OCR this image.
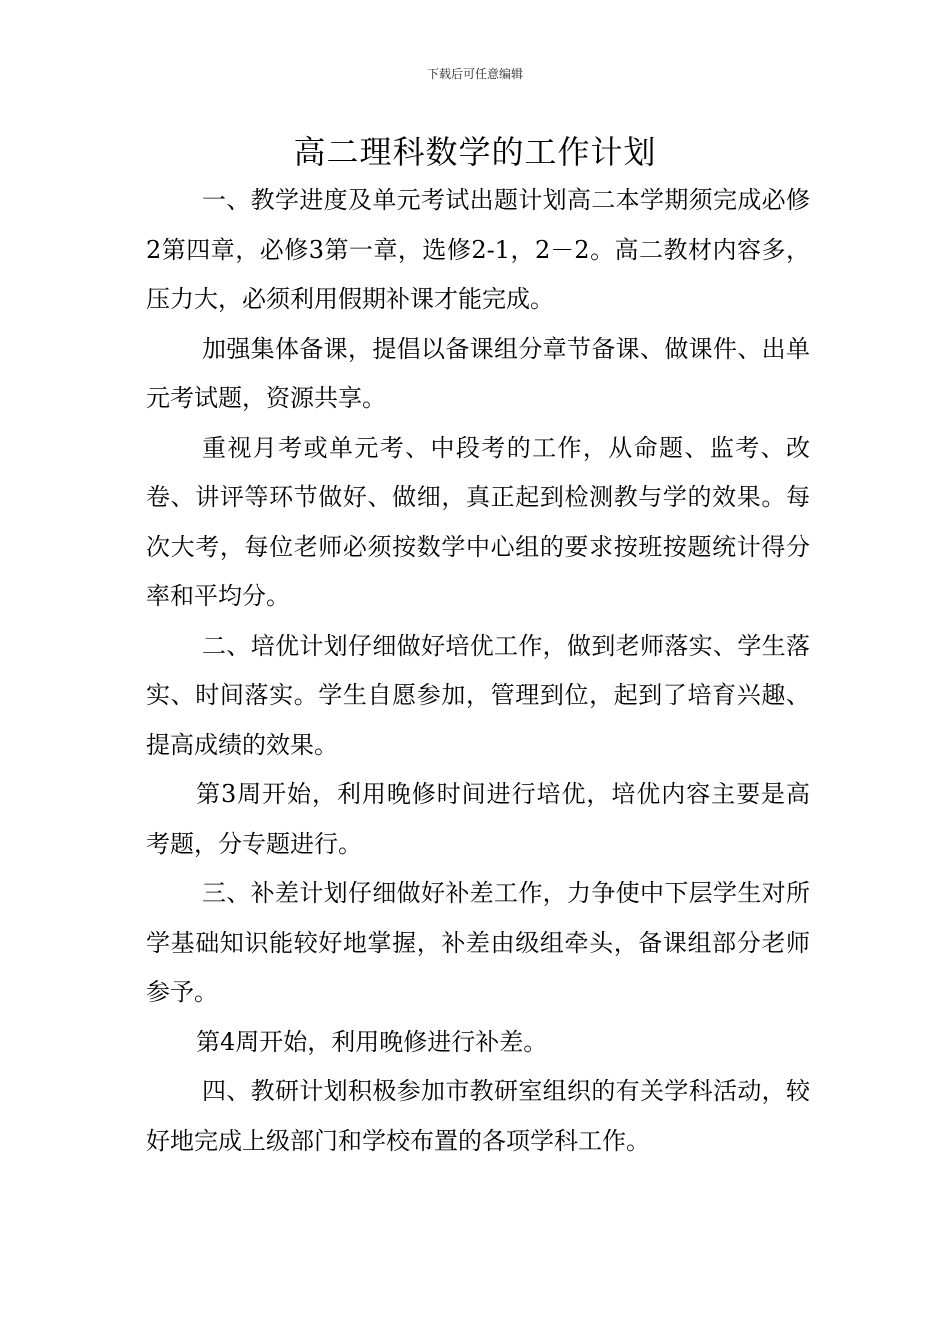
下载后可任意编辑
高二理科数学的工作计划

一、教学进度及单元考试出题计划高二本学期须完成必修2第四章，必修3第一章，选修2-1，2－2。高二教材内容多，压力大，必须利用假期补课才能完成。

加强集体备课，提倡以备课组分章节备课、做课件、出单元考试题，资源共享。

重视月考或单元考、中段考的工作，从命题、监考、改卷、讲评等环节做好、做细，真正起到检测教与学的效果。每次大考，每位老师必须按数学中心组的要求按班按题统计得分率和平均分。

二、培优计划仔细做好培优工作，做到老师落实、学生落实、时间落实。学生自愿参加，管理到位，起到了培育兴趣、提高成绩的效果。

第3周开始，利用晚修时间进行培优，培优内容主要是高考题，分专题进行。

三、补差计划仔细做好补差工作，力争使中下层学生对所学基础知识能较好地掌握，补差由级组牵头，备课组部分老师参予。

第4周开始，利用晚修进行补差。

四、教研计划积极参加市教研室组织的有关学科活动，较好地完成上级部门和学校布置的各项学科工作。
